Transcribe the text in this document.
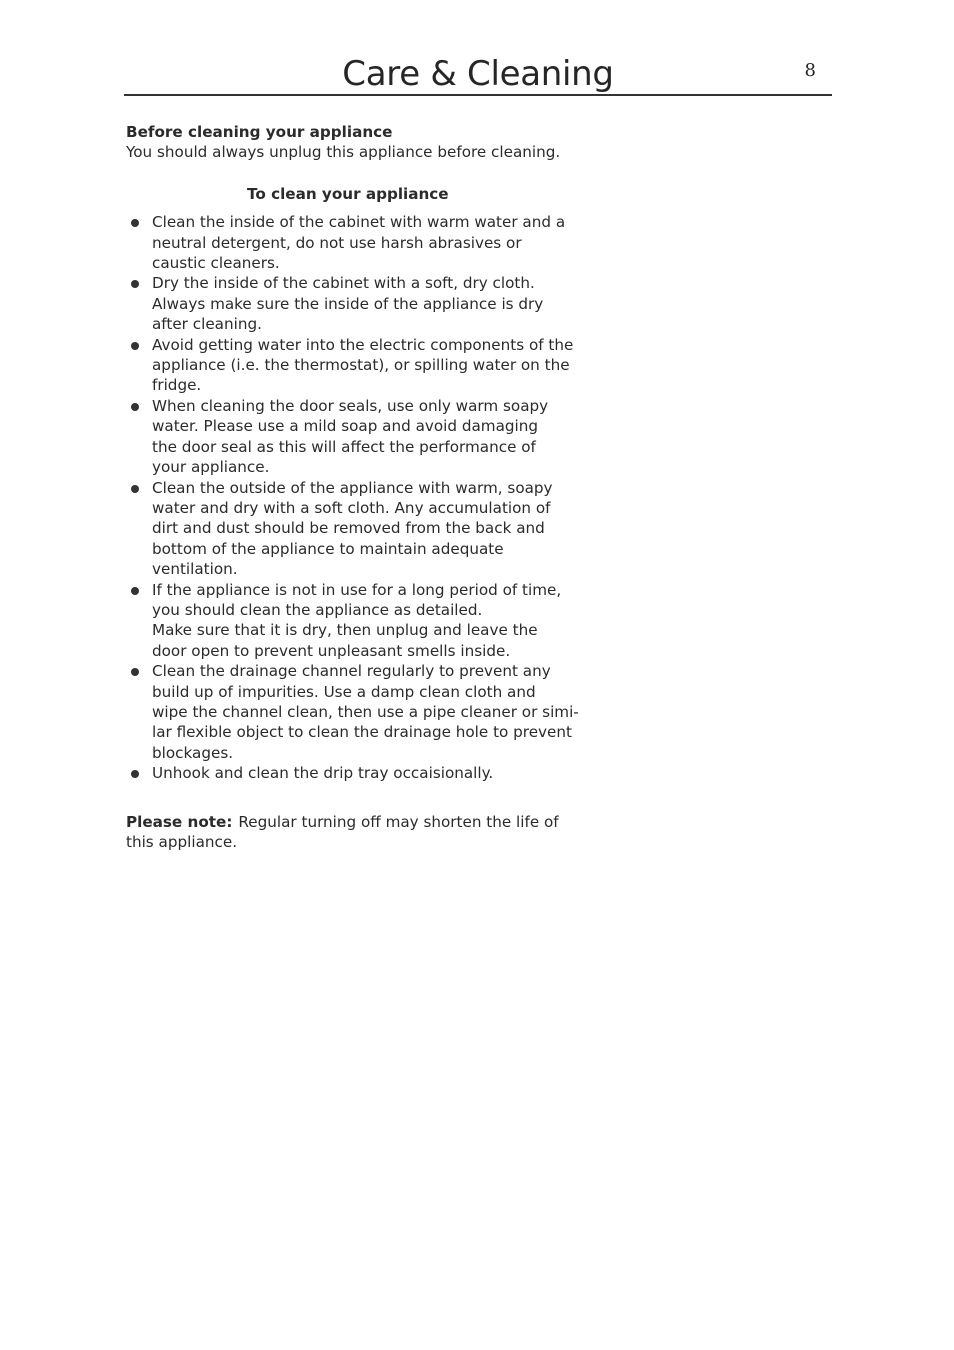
Care & Cleaning	8

Before cleaning your appliance

You should always unplug this appliance before cleaning.

To clean your appliance

Clean the inside of the cabinet with warm water and a
neutral detergent, do not use harsh abrasives or
caustic cleaners.
Dry the inside of the cabinet with a soft, dry cloth.
Always make sure the inside of the appliance is dry
after cleaning.
Avoid getting water into the electric components of the
appliance (i.e. the thermostat), or spilling water on the
fridge.
When cleaning the door seals, use only warm soapy
water. Please use a mild soap and avoid damaging
the door seal as this will affect the performance of
your appliance.
Clean the outside of the appliance with warm, soapy
water and dry with a soft cloth. Any accumulation of
dirt and dust should be removed from the back and
bottom of the appliance to maintain adequate
ventilation.
If the appliance is not in use for a long period of time,
you should clean the appliance as detailed.
Make sure that it is dry, then unplug and leave the
door open to prevent unpleasant smells inside.
Clean the drainage channel regularly to prevent any
build up of impurities. Use a damp clean cloth and
wipe the channel clean, then use a pipe cleaner or simi-
lar flexible object to clean the drainage hole to prevent
blockages.
Unhook and clean the drip tray occaisionally.

Please note: Regular turning off may shorten the life of
this appliance.
